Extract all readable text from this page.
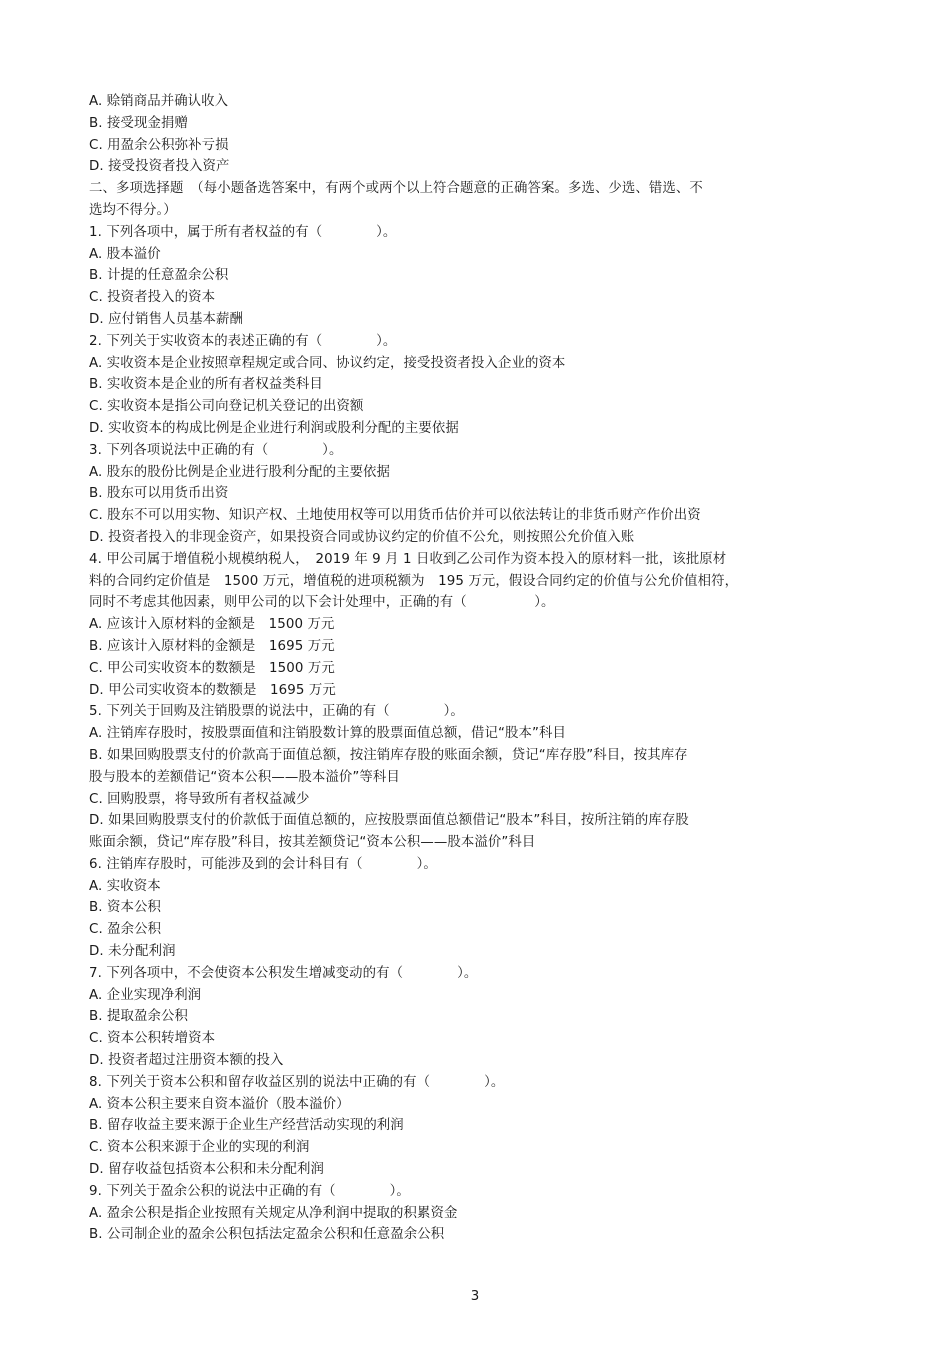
A. 赊销商品并确认收入
B. 接受现金捐赠
C. 用盈余公积弥补亏损
D. 接受投资者投入资产
二、多项选择题　（每小题备选答案中，有两个或两个以上符合题意的正确答案。多选、少选、错选、不
选均不得分。）
1. 下列各项中，属于所有者权益的有（　　　　）。
A. 股本溢价
B. 计提的任意盈余公积
C. 投资者投入的资本
D. 应付销售人员基本薪酬
2. 下列关于实收资本的表述正确的有（　　　　）。
A. 实收资本是企业按照章程规定或合同、协议约定，接受投资者投入企业的资本
B. 实收资本是企业的所有者权益类科目
C. 实收资本是指公司向登记机关登记的出资额
D. 实收资本的构成比例是企业进行利润或股利分配的主要依据
3. 下列各项说法中正确的有（　　　　）。
A. 股东的股份比例是企业进行股利分配的主要依据
B. 股东可以用货币出资
C. 股东不可以用实物、知识产权、土地使用权等可以用货币估价并可以依法转让的非货币财产作价出资
D. 投资者投入的非现金资产，如果投资合同或协议约定的价值不公允，则按照公允价值入账
4. 甲公司属于增值税小规模纳税人，　2019 年 9 月 1 日收到乙公司作为资本投入的原材料一批，该批原材
料的合同约定价值是　1500 万元，增值税的进项税额为　195 万元，假设合同约定的价值与公允价值相符，
同时不考虑其他因素，则甲公司的以下会计处理中，正确的有（　　　　　）。
A. 应该计入原材料的金额是　1500 万元
B. 应该计入原材料的金额是　1695 万元
C. 甲公司实收资本的数额是　1500 万元
D. 甲公司实收资本的数额是　1695 万元
5. 下列关于回购及注销股票的说法中，正确的有（　　　　）。
A. 注销库存股时，按股票面值和注销股数计算的股票面值总额，借记“股本”科目
B. 如果回购股票支付的价款高于面值总额，按注销库存股的账面余额，贷记“库存股”科目，按其库存
股与股本的差额借记“资本公积——股本溢价”等科目
C. 回购股票，将导致所有者权益减少
D. 如果回购股票支付的价款低于面值总额的，应按股票面值总额借记“股本”科目，按所注销的库存股
账面余额，贷记“库存股”科目，按其差额贷记“资本公积——股本溢价”科目
6. 注销库存股时，可能涉及到的会计科目有（　　　　）。
A. 实收资本
B. 资本公积
C. 盈余公积
D. 未分配利润
7. 下列各项中，不会使资本公积发生增减变动的有（　　　　）。
A. 企业实现净利润
B. 提取盈余公积
C. 资本公积转增资本
D. 投资者超过注册资本额的投入
8. 下列关于资本公积和留存收益区别的说法中正确的有（　　　　）。
A. 资本公积主要来自资本溢价（股本溢价）
B. 留存收益主要来源于企业生产经营活动实现的利润
C. 资本公积来源于企业的实现的利润
D. 留存收益包括资本公积和未分配利润
9. 下列关于盈余公积的说法中正确的有（　　　　）。
A. 盈余公积是指企业按照有关规定从净利润中提取的积累资金
B. 公司制企业的盈余公积包括法定盈余公积和任意盈余公积
3
